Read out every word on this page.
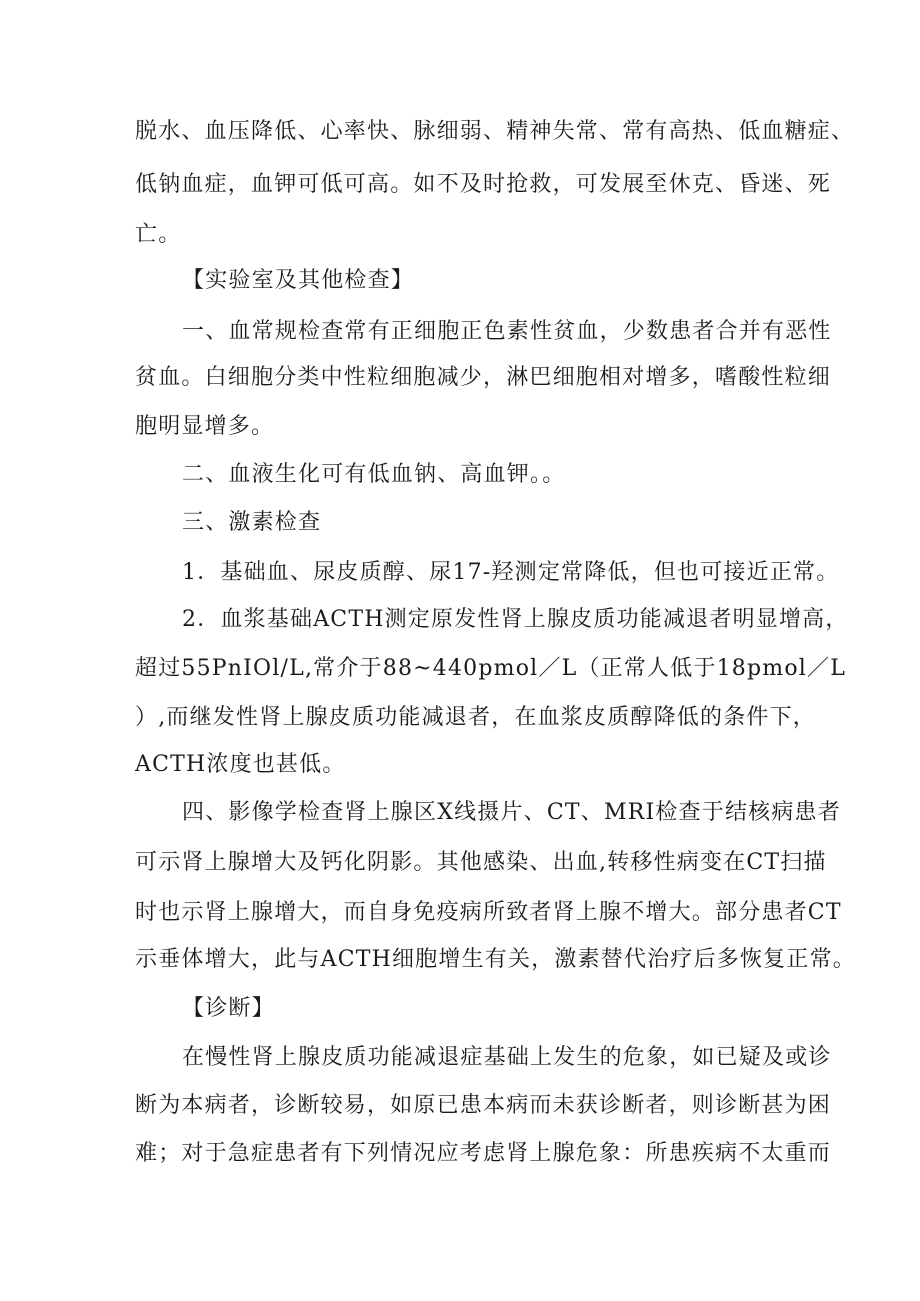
脱水、血压降低、心率快、脉细弱、精神失常、常有高热、低血糖症、
低钠血症，血钾可低可高。如不及时抢救，可发展至休克、昏迷、死
亡。
【实验室及其他检查】
一、血常规检查常有正细胞正色素性贫血，少数患者合并有恶性
贫血。白细胞分类中性粒细胞减少，淋巴细胞相对增多，嗜酸性粒细
胞明显增多。
二、血液生化可有低血钠、高血钾。。
三、激素检查
1．基础血、尿皮质醇、尿17-羟测定常降低，但也可接近正常。
2．血浆基础ACTH测定原发性肾上腺皮质功能减退者明显增高，
超过55PnIOl/L,常介于88~440pmol／L（正常人低于18pmol／L
）,而继发性肾上腺皮质功能减退者，在血浆皮质醇降低的条件下，
ACTH浓度也甚低。
四、影像学检查肾上腺区X线摄片、CT、MRI检查于结核病患者
可示肾上腺增大及钙化阴影。其他感染、出血,转移性病变在CT扫描
时也示肾上腺增大，而自身免疫病所致者肾上腺不增大。部分患者CT
示垂体增大，此与ACTH细胞增生有关，激素替代治疗后多恢复正常。
【诊断】
在慢性肾上腺皮质功能减退症基础上发生的危象，如已疑及或诊
断为本病者，诊断较易，如原已患本病而未获诊断者，则诊断甚为困
难；对于急症患者有下列情况应考虑肾上腺危象：所患疾病不太重而
